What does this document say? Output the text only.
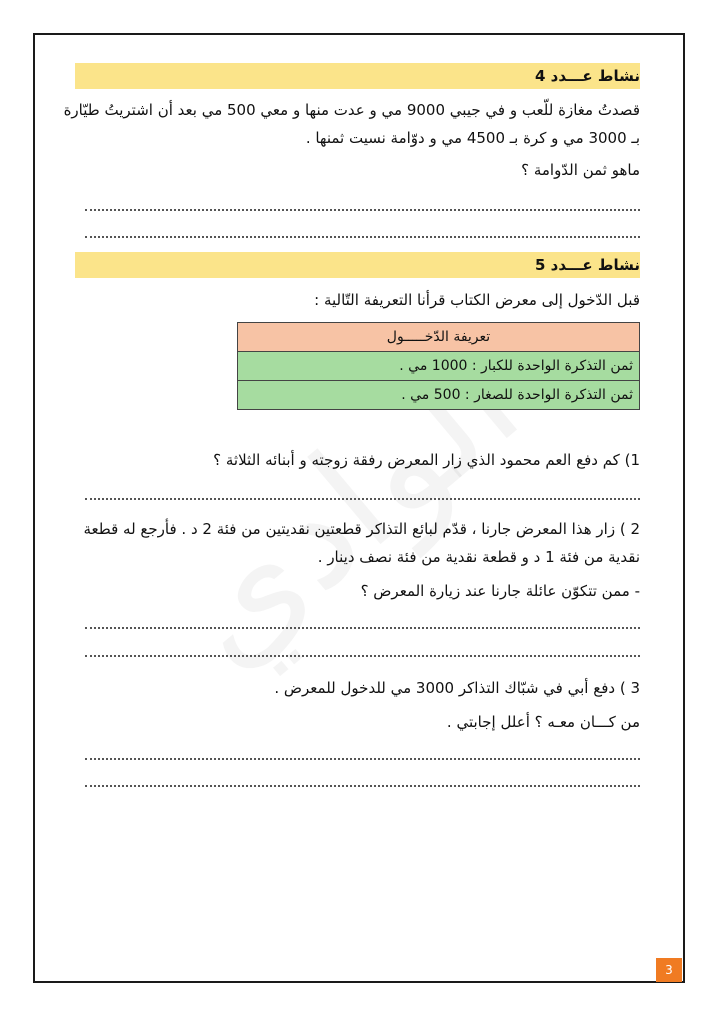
نشاط عـــدد 4
قصدتُ مغازة للّعب و في جيبي 9000 مي و عدت منها و معي 500 مي بعد أن اشتريتُ طيّارة
بـ 3000 مي و كرة بـ 4500 مي و دوّامة نسيت ثمنها .
ماهو ثمن الدّوامة ؟
نشاط عـــدد 5
قبل الدّخول إلى معرض الكتاب قرأنا التعريفة التّالية :
تعريفة الدّخـــــول
ثمن التذكرة الواحدة للكبار : 1000 مي .
ثمن التذكرة الواحدة للصغار : 500 مي .
1) كم دفع العم محمود الذي زار المعرض رفقة زوجته و أبنائه الثلاثة ؟
2 ) زار هذا المعرض جارنا ، قدّم لبائع التذاكر قطعتين نقديتين من فئة 2 د . فأرجع له قطعة
نقدية من فئة 1 د و قطعة نقدية من فئة نصف دينار .
- ممن تتكوّن عائلة جارنا عند زيارة المعرض ؟
3 ) دفع أبي في شبّاك التذاكر 3000 مي للدخول للمعرض .
من كـــان معـه ؟ أعلل إجابتي .
3
